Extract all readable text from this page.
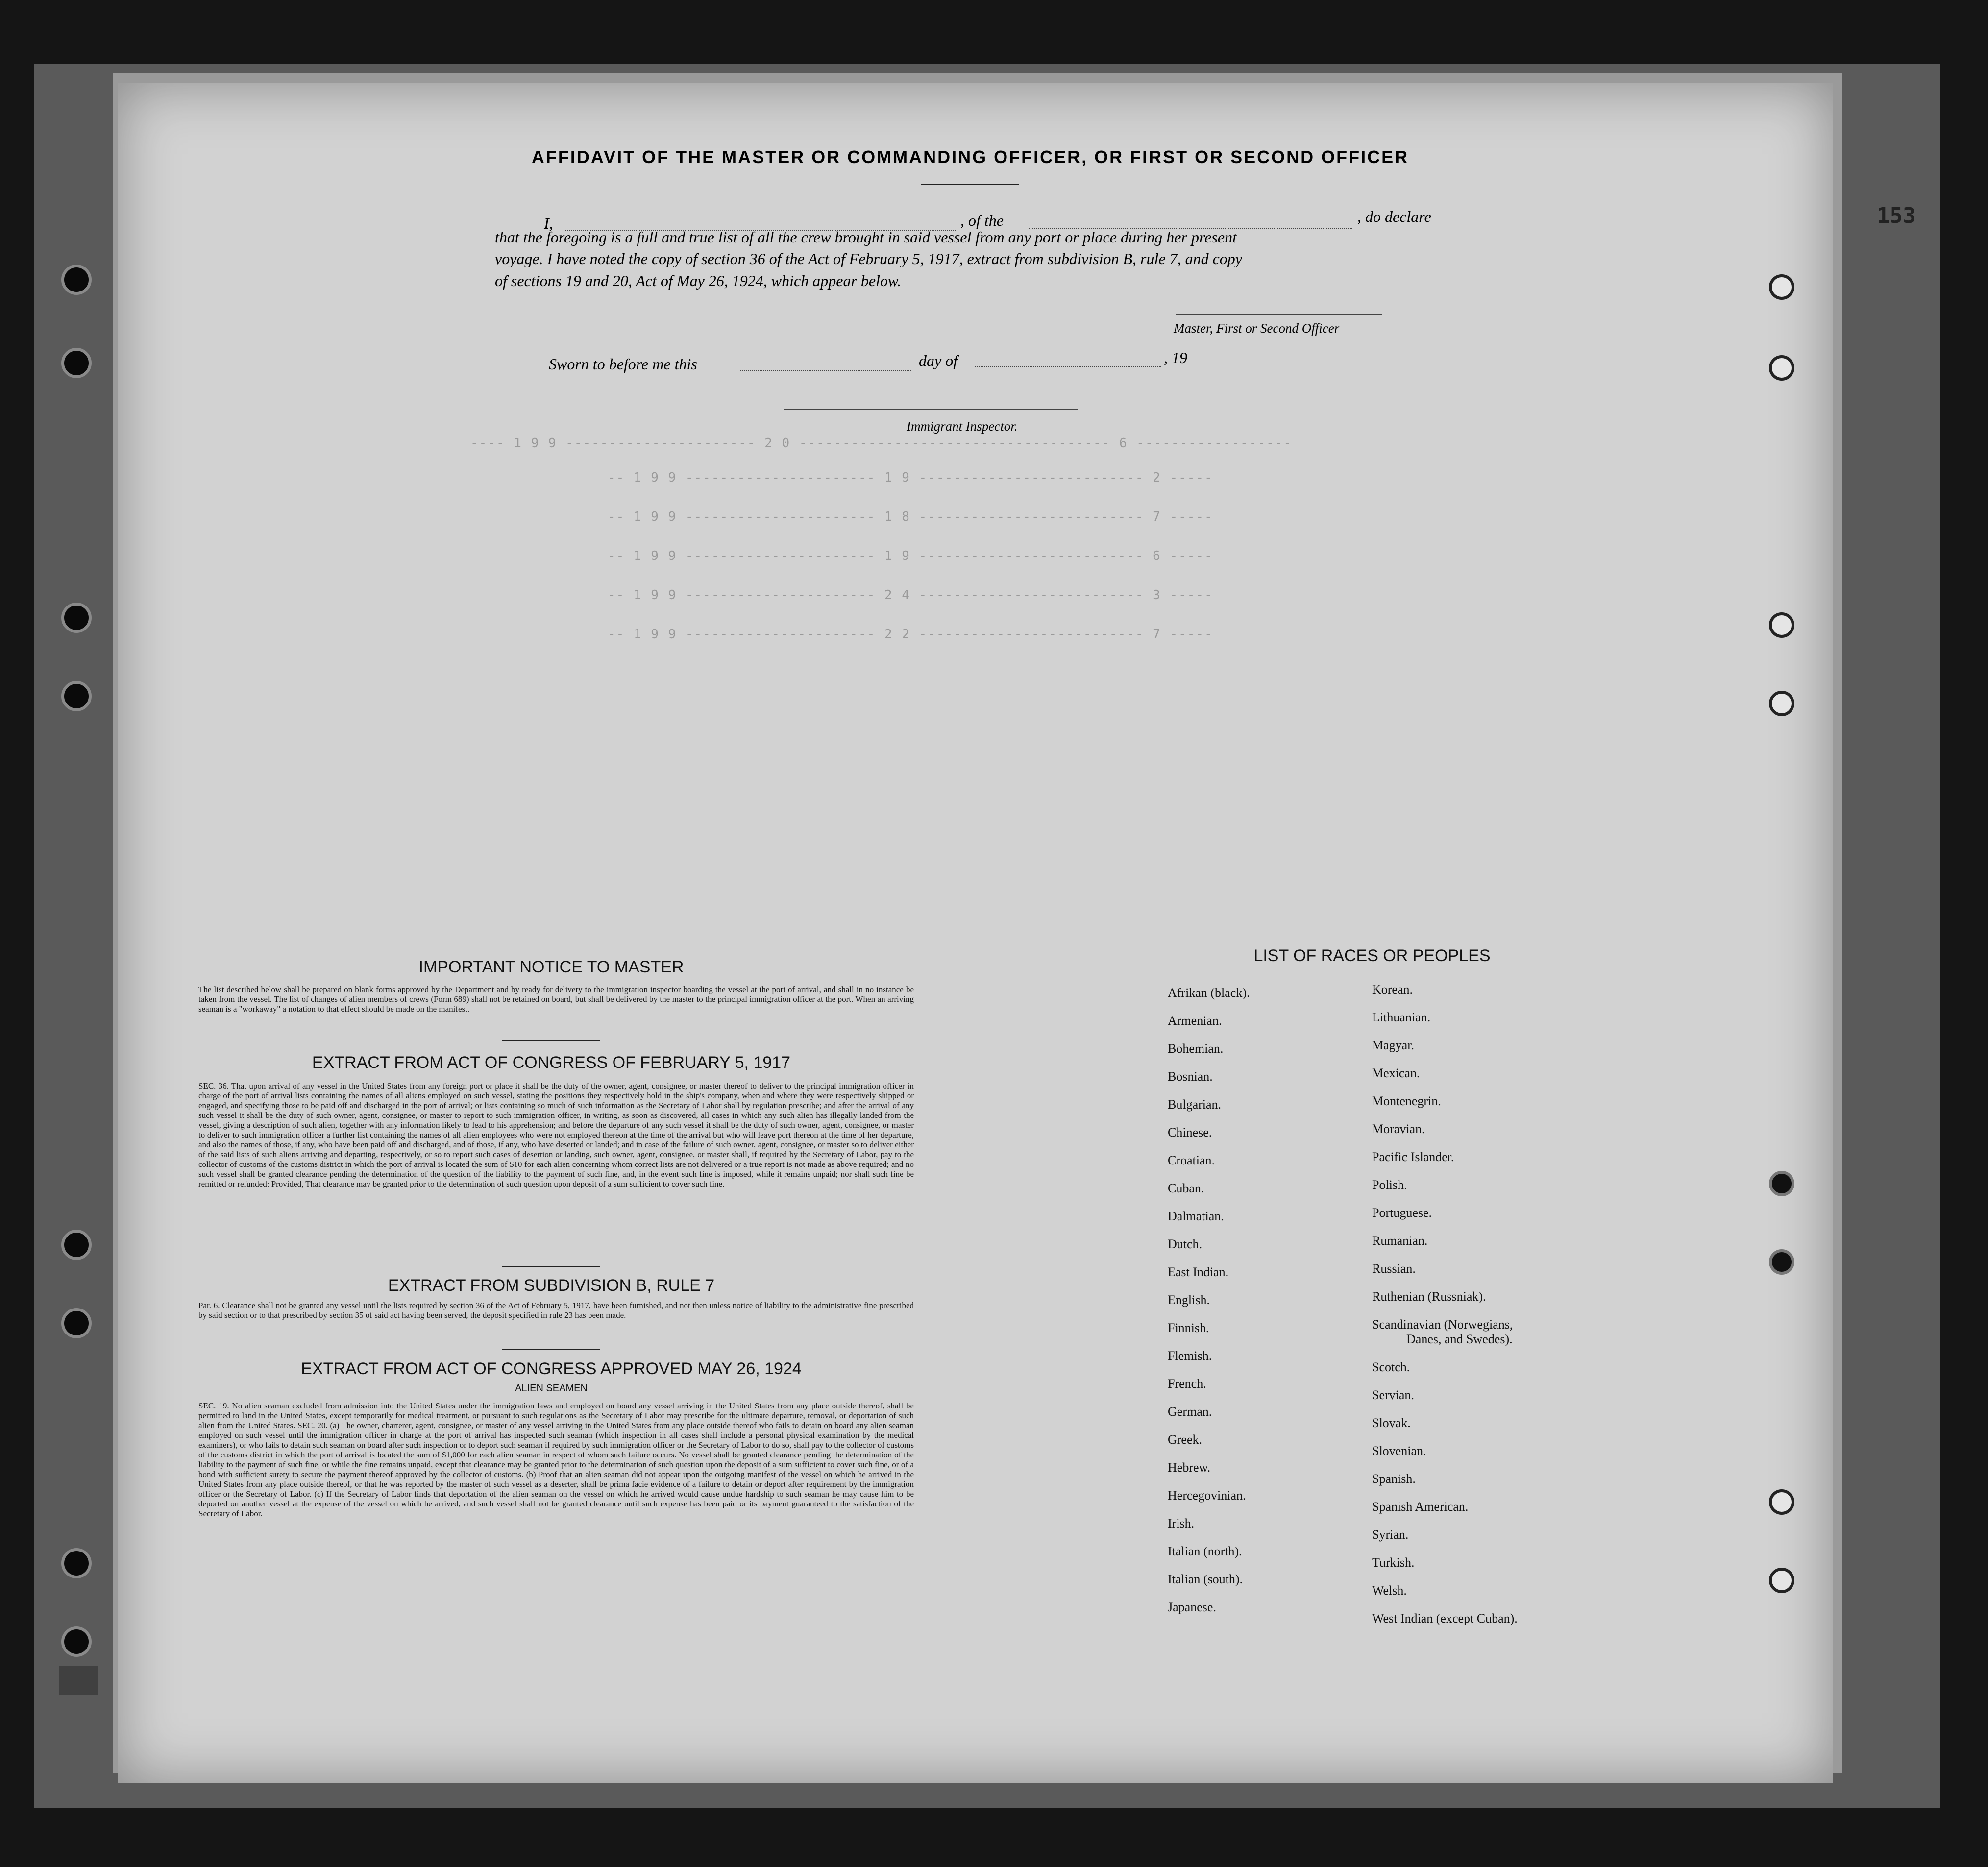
---- 1 9 9 ---------------------- 2 0 ------------------------------------ 6 ------------------
-- 1 9 9 ---------------------- 1 9 -------------------------- 2 -----
-- 1 9 9 ---------------------- 1 8 -------------------------- 7 -----
-- 1 9 9 ---------------------- 1 9 -------------------------- 6 -----
-- 1 9 9 ---------------------- 2 4 -------------------------- 3 -----
-- 1 9 9 ---------------------- 2 2 -------------------------- 7 -----
153
AFFIDAVIT OF THE MASTER OR COMMANDING OFFICER, OR FIRST OR SECOND OFFICER
I,	, of the	, do declare
that the foregoing is a full and true list of all the crew brought in said vessel from any port or place during her present
voyage. I have noted the copy of section 36 of the Act of February 5, 1917, extract from subdivision B, rule 7, and copy
of sections 19 and 20, Act of May 26, 1924, which appear below.
Master, First or Second Officer
Sworn to before me this	day of	, 19
Immigrant Inspector.
IMPORTANT NOTICE TO MASTER
The list described below shall be prepared on blank forms approved by the Department and by ready for delivery to the immigration inspector boarding the vessel at the port of arrival, and shall in no instance be taken from the vessel. The list of changes of alien members of crews (Form 689) shall not be retained on board, but shall be delivered by the master to the principal immigration officer at the port. When an arriving seaman is a "workaway" a notation to that effect should be made on the manifest.
EXTRACT FROM ACT OF CONGRESS OF FEBRUARY 5, 1917
SEC. 36. That upon arrival of any vessel in the United States from any foreign port or place it shall be the duty of the owner, agent, consignee, or master thereof to deliver to the principal immigration officer in charge of the port of arrival lists containing the names of all aliens employed on such vessel, stating the positions they respectively hold in the ship's company, when and where they were respectively shipped or engaged, and specifying those to be paid off and discharged in the port of arrival; or lists containing so much of such information as the Secretary of Labor shall by regulation prescribe; and after the arrival of any such vessel it shall be the duty of such owner, agent, consignee, or master to report to such immigration officer, in writing, as soon as discovered, all cases in which any such alien has illegally landed from the vessel, giving a description of such alien, together with any information likely to lead to his apprehension; and before the departure of any such vessel it shall be the duty of such owner, agent, consignee, or master to deliver to such immigration officer a further list containing the names of all alien employees who were not employed thereon at the time of the arrival but who will leave port thereon at the time of her departure, and also the names of those, if any, who have been paid off and discharged, and of those, if any, who have deserted or landed; and in case of the failure of such owner, agent, consignee, or master so to deliver either of the said lists of such aliens arriving and departing, respectively, or so to report such cases of desertion or landing, such owner, agent, consignee, or master shall, if required by the Secretary of Labor, pay to the collector of customs of the customs district in which the port of arrival is located the sum of $10 for each alien concerning whom correct lists are not delivered or a true report is not made as above required; and no such vessel shall be granted clearance pending the determination of the question of the liability to the payment of such fine, and, in the event such fine is imposed, while it remains unpaid; nor shall such fine be remitted or refunded: Provided, That clearance may be granted prior to the determination of such question upon deposit of a sum sufficient to cover such fine.
EXTRACT FROM SUBDIVISION B, RULE 7
Par. 6. Clearance shall not be granted any vessel until the lists required by section 36 of the Act of February 5, 1917, have been furnished, and not then unless notice of liability to the administrative fine prescribed by said section or to that prescribed by section 35 of said act having been served, the deposit specified in rule 23 has been made.
EXTRACT FROM ACT OF CONGRESS APPROVED MAY 26, 1924
ALIEN SEAMEN
SEC. 19. No alien seaman excluded from admission into the United States under the immigration laws and employed on board any vessel arriving in the United States from any place outside thereof, shall be permitted to land in the United States, except temporarily for medical treatment, or pursuant to such regulations as the Secretary of Labor may prescribe for the ultimate departure, removal, or deportation of such alien from the United States. SEC. 20. (a) The owner, charterer, agent, consignee, or master of any vessel arriving in the United States from any place outside thereof who fails to detain on board any alien seaman employed on such vessel until the immigration officer in charge at the port of arrival has inspected such seaman (which inspection in all cases shall include a personal physical examination by the medical examiners), or who fails to detain such seaman on board after such inspection or to deport such seaman if required by such immigration officer or the Secretary of Labor to do so, shall pay to the collector of customs of the customs district in which the port of arrival is located the sum of $1,000 for each alien seaman in respect of whom such failure occurs. No vessel shall be granted clearance pending the determination of the liability to the payment of such fine, or while the fine remains unpaid, except that clearance may be granted prior to the determination of such question upon the deposit of a sum sufficient to cover such fine, or of a bond with sufficient surety to secure the payment thereof approved by the collector of customs. (b) Proof that an alien seaman did not appear upon the outgoing manifest of the vessel on which he arrived in the United States from any place outside thereof, or that he was reported by the master of such vessel as a deserter, shall be prima facie evidence of a failure to detain or deport after requirement by the immigration officer or the Secretary of Labor. (c) If the Secretary of Labor finds that deportation of the alien seaman on the vessel on which he arrived would cause undue hardship to such seaman he may cause him to be deported on another vessel at the expense of the vessel on which he arrived, and such vessel shall not be granted clearance until such expense has been paid or its payment guaranteed to the satisfaction of the Secretary of Labor.
LIST OF RACES OR PEOPLES
Afrikan (black).
Armenian.
Bohemian.
Bosnian.
Bulgarian.
Chinese.
Croatian.
Cuban.
Dalmatian.
Dutch.
East Indian.
English.
Finnish.
Flemish.
French.
German.
Greek.
Hebrew.
Hercegovinian.
Irish.
Italian (north).
Italian (south).
Japanese.
Korean.
Lithuanian.
Magyar.
Mexican.
Montenegrin.
Moravian.
Pacific Islander.
Polish.
Portuguese.
Rumanian.
Russian.
Ruthenian (Russniak).
Scandinavian (Norwegians,
Danes, and Swedes).
Scotch.
Servian.
Slovak.
Slovenian.
Spanish.
Spanish American.
Syrian.
Turkish.
Welsh.
West Indian (except Cuban).
